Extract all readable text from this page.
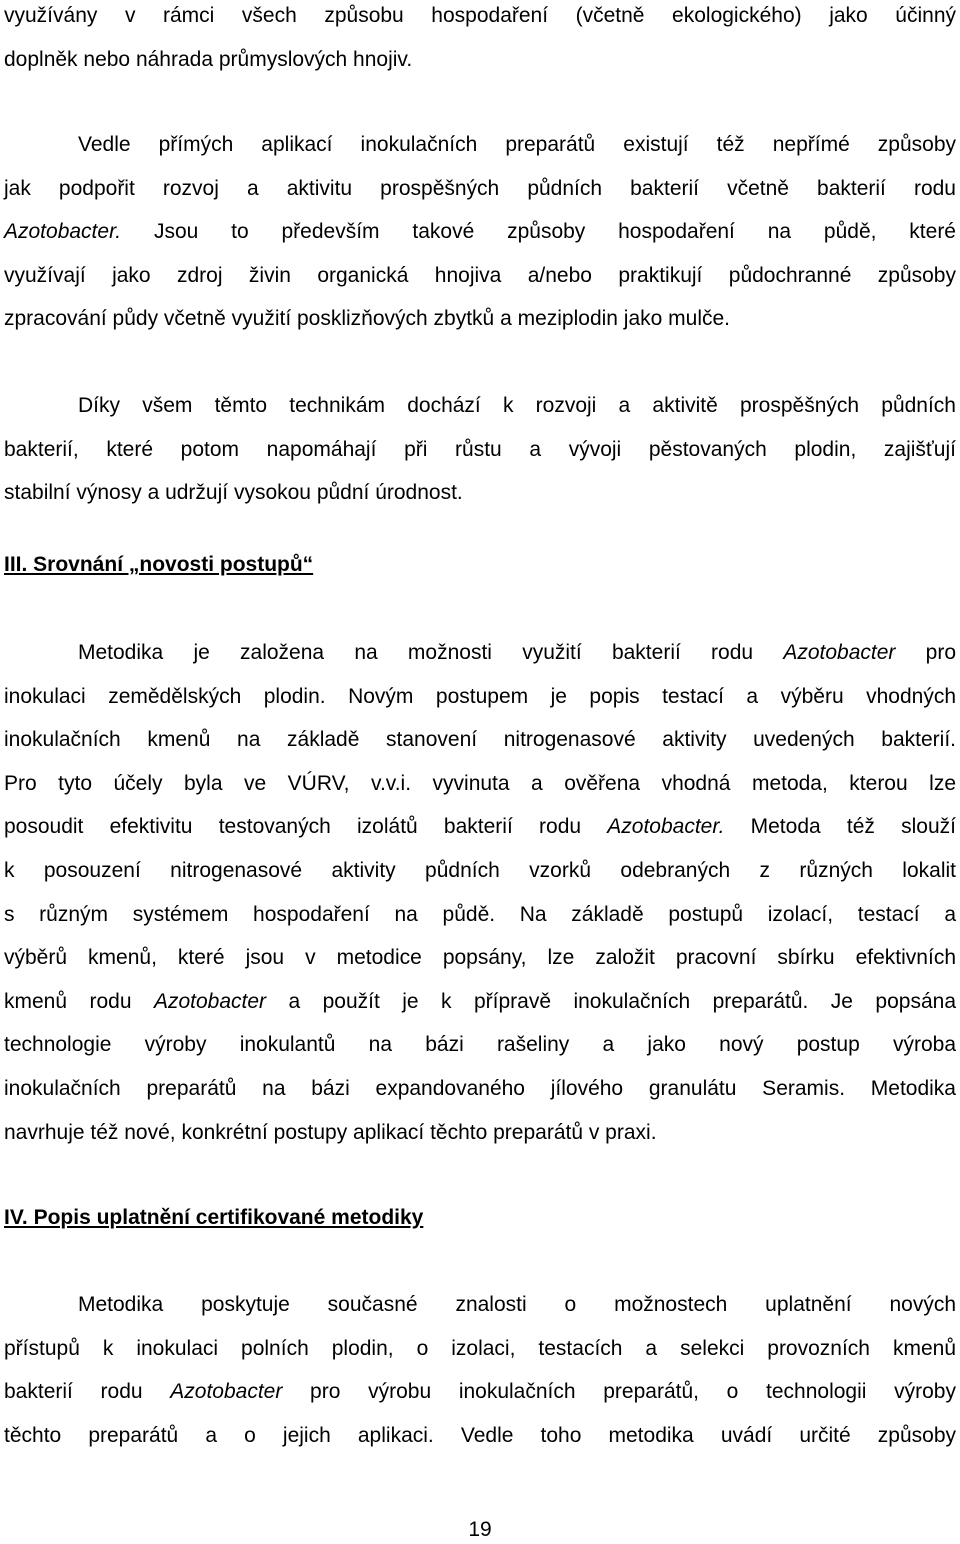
využívány v rámci všech způsobu hospodaření (včetně ekologického) jako účinný
doplněk nebo náhrada průmyslových hnojiv.
Vedle přímých aplikací inokulačních preparátů existují též nepřímé způsoby
jak podpořit rozvoj a aktivitu prospěšných půdních bakterií včetně bakterií rodu
Azotobacter. Jsou to především takové způsoby hospodaření na půdě, které
využívají jako zdroj živin organická hnojiva a/nebo praktikují půdochranné způsoby
zpracování půdy včetně využití posklizňových zbytků a meziplodin jako mulče.
Díky všem těmto technikám dochází k rozvoji a aktivitě prospěšných půdních
bakterií, které potom napomáhají při růstu a vývoji pěstovaných plodin, zajišťují
stabilní výnosy a udržují vysokou půdní úrodnost.
III. Srovnání „novosti postupů“
Metodika je založena na možnosti využití bakterií rodu Azotobacter pro
inokulaci zemědělských plodin. Novým postupem je popis testací a výběru vhodných
inokulačních kmenů na základě stanovení nitrogenasové aktivity uvedených bakterií.
Pro tyto účely byla ve VÚRV, v.v.i. vyvinuta a ověřena vhodná metoda, kterou lze
posoudit efektivitu testovaných izolátů bakterií rodu Azotobacter. Metoda též slouží
k posouzení nitrogenasové aktivity půdních vzorků odebraných z různých lokalit
s různým systémem hospodaření na půdě. Na základě postupů izolací, testací a
výběrů kmenů, které jsou v metodice popsány, lze založit pracovní sbírku efektivních
kmenů rodu Azotobacter a použít je k přípravě inokulačních preparátů. Je popsána
technologie výroby inokulantů na bázi rašeliny a jako nový postup výroba
inokulačních preparátů na bázi expandovaného jílového granulátu Seramis. Metodika
navrhuje též nové, konkrétní postupy aplikací těchto preparátů v praxi.
IV. Popis uplatnění certifikované metodiky
Metodika poskytuje současné znalosti o možnostech uplatnění nových
přístupů k inokulaci polních plodin, o izolaci, testacích a selekci provozních kmenů
bakterií rodu Azotobacter pro výrobu inokulačních preparátů, o technologii výroby
těchto preparátů a o jejich aplikaci. Vedle toho metodika uvádí určité způsoby
19
